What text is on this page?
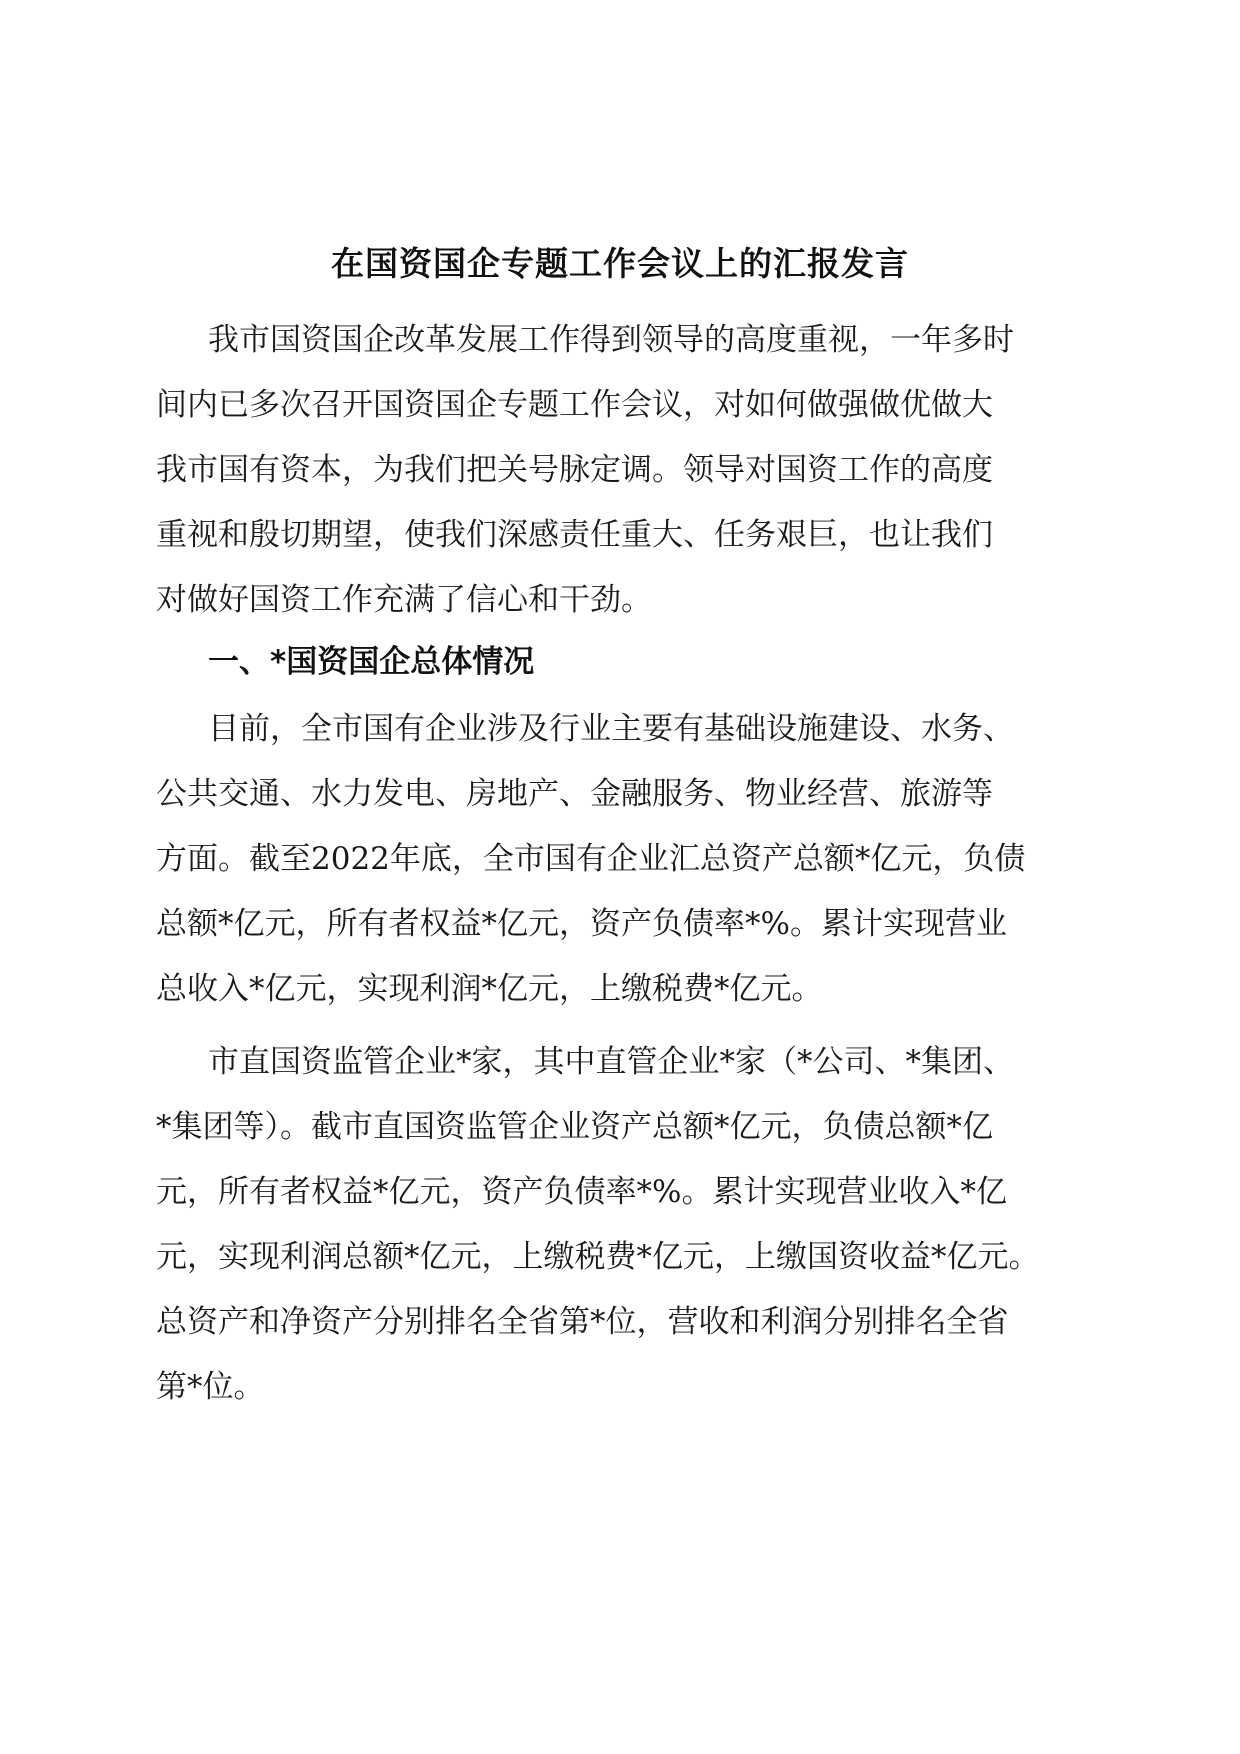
在国资国企专题工作会议上的汇报发言
我市国资国企改革发展工作得到领导的高度重视，一年多时
间内已多次召开国资国企专题工作会议，对如何做强做优做大
我市国有资本，为我们把关号脉定调。领导对国资工作的高度
重视和殷切期望，使我们深感责任重大、任务艰巨，也让我们
对做好国资工作充满了信心和干劲。
一、*国资国企总体情况
目前，全市国有企业涉及行业主要有基础设施建设、水务、
公共交通、水力发电、房地产、金融服务、物业经营、旅游等
方面。截至2022年底，全市国有企业汇总资产总额*亿元，负债
总额*亿元，所有者权益*亿元，资产负债率*%。累计实现营业
总收入*亿元，实现利润*亿元，上缴税费*亿元。
市直国资监管企业*家，其中直管企业*家（*公司、*集团、
*集团等）。截市直国资监管企业资产总额*亿元，负债总额*亿
元，所有者权益*亿元，资产负债率*%。累计实现营业收入*亿
元，实现利润总额*亿元，上缴税费*亿元，上缴国资收益*亿元。
总资产和净资产分别排名全省第*位，营收和利润分别排名全省
第*位。
